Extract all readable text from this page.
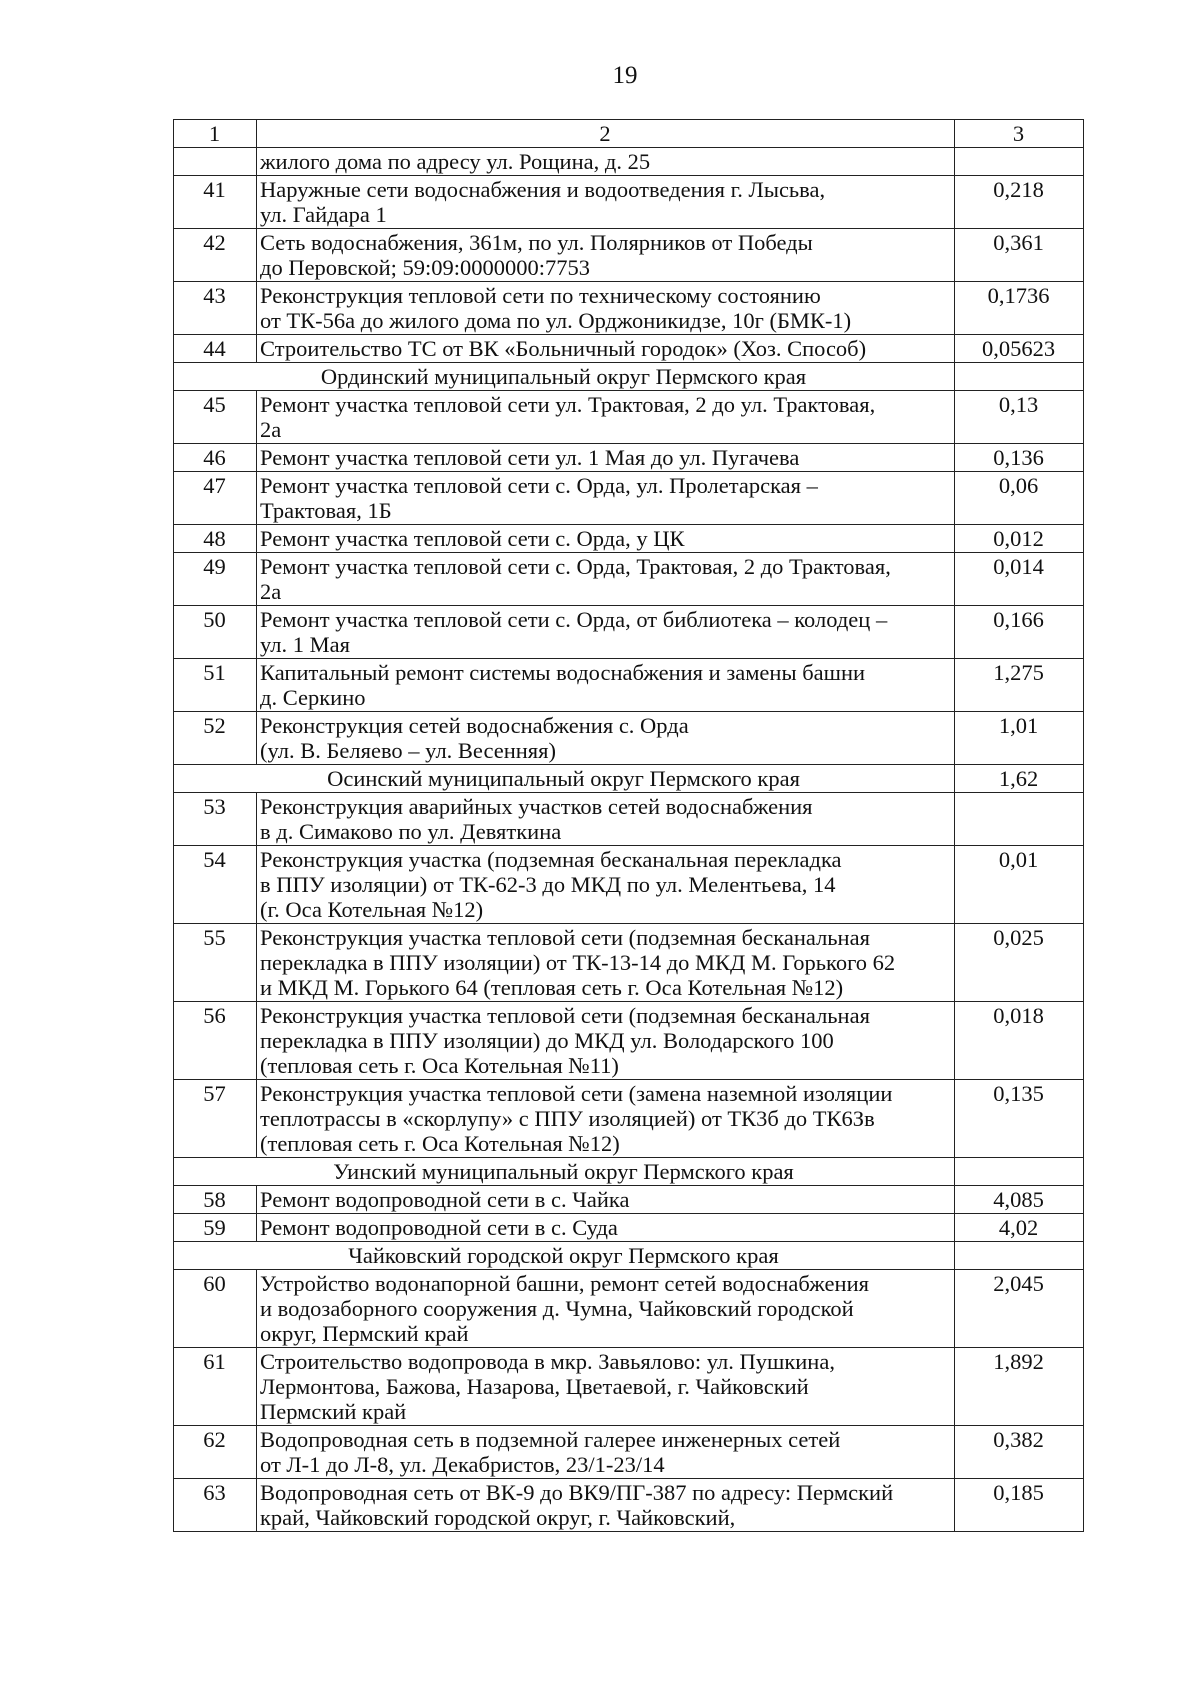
19
1	2	3

	жилого дома по адресу ул. Рощина, д. 25	

41	Наружные сети водоснабжения и водоотведения г. Лысьва,
ул. Гайдара 1	0,218
42	Сеть водоснабжения, 361м, по ул. Полярников от Победы
до Перовской; 59:09:0000000:7753	0,361
43	Реконструкция тепловой сети по техническому состоянию
от ТК-56а до жилого дома по ул. Орджоникидзе, 10г (БМК-1)	0,1736
44	Строительство ТС от ВК «Больничный городок» (Хоз. Способ)	0,05623
Ординский муниципальный округ Пермского края		
45	Ремонт участка тепловой сети ул. Трактовая, 2 до ул. Трактовая,
2а	0,13
46	Ремонт участка тепловой сети ул. 1 Мая до ул. Пугачева	0,136
47	Ремонт участка тепловой сети с. Орда, ул. Пролетарская –
Трактовая, 1Б	0,06
48	Ремонт участка тепловой сети с. Орда, у ЦК	0,012
49	Ремонт участка тепловой сети с. Орда, Трактовая, 2 до Трактовая,
2а	0,014
50	Ремонт участка тепловой сети с. Орда, от библиотека – колодец –
ул. 1 Мая	0,166
51	Капитальный ремонт системы водоснабжения и замены башни
д. Серкино	1,275
52	Реконструкция сетей водоснабжения с. Орда
(ул. В. Беляево – ул. Весенняя)	1,01
Осинский муниципальный округ Пермского края		1,62
53	Реконструкция аварийных участков сетей водоснабжения
в д. Симаково по ул. Девяткина	

54	Реконструкция участка (подземная бесканальная перекладка
в ППУ изоляции) от ТК-62-3 до МКД по ул. Мелентьева, 14
(г. Оса Котельная №12)	0,01
55	Реконструкция участка тепловой сети (подземная бесканальная
перекладка в ППУ изоляции) от ТК-13-14 до МКД М. Горького 62
и МКД М. Горького 64 (тепловая сеть г. Оса Котельная №12)	0,025
56	Реконструкция участка тепловой сети (подземная бесканальная
перекладка в ППУ изоляции) до МКД ул. Володарского 100
(тепловая сеть г. Оса Котельная №11)	0,018
57	Реконструкция участка тепловой сети (замена наземной изоляции
теплотрассы в «скорлупу» с ППУ изоляцией) от ТК3б до ТК6Зв
(тепловая сеть г. Оса Котельная №12)	0,135
Уинский муниципальный округ Пермского края		
58	Ремонт водопроводной сети в с. Чайка	4,085
59	Ремонт водопроводной сети в с. Суда	4,02
Чайковский городской округ Пермского края		
60	Устройство водонапорной башни, ремонт сетей водоснабжения
и водозаборного сооружения д. Чумна, Чайковский городской
округ, Пермский край	2,045
61	Строительство водопровода в мкр. Завьялово: ул. Пушкина,
Лермонтова, Бажова, Назарова, Цветаевой, г. Чайковский
Пермский край	1,892
62	Водопроводная сеть в подземной галерее инженерных сетей
от Л-1 до Л-8, ул. Декабристов, 23/1-23/14	0,382
63	Водопроводная сеть от ВК-9 до ВК9/ПГ-387 по адресу: Пермский
край, Чайковский городской округ, г. Чайковский,	0,185
